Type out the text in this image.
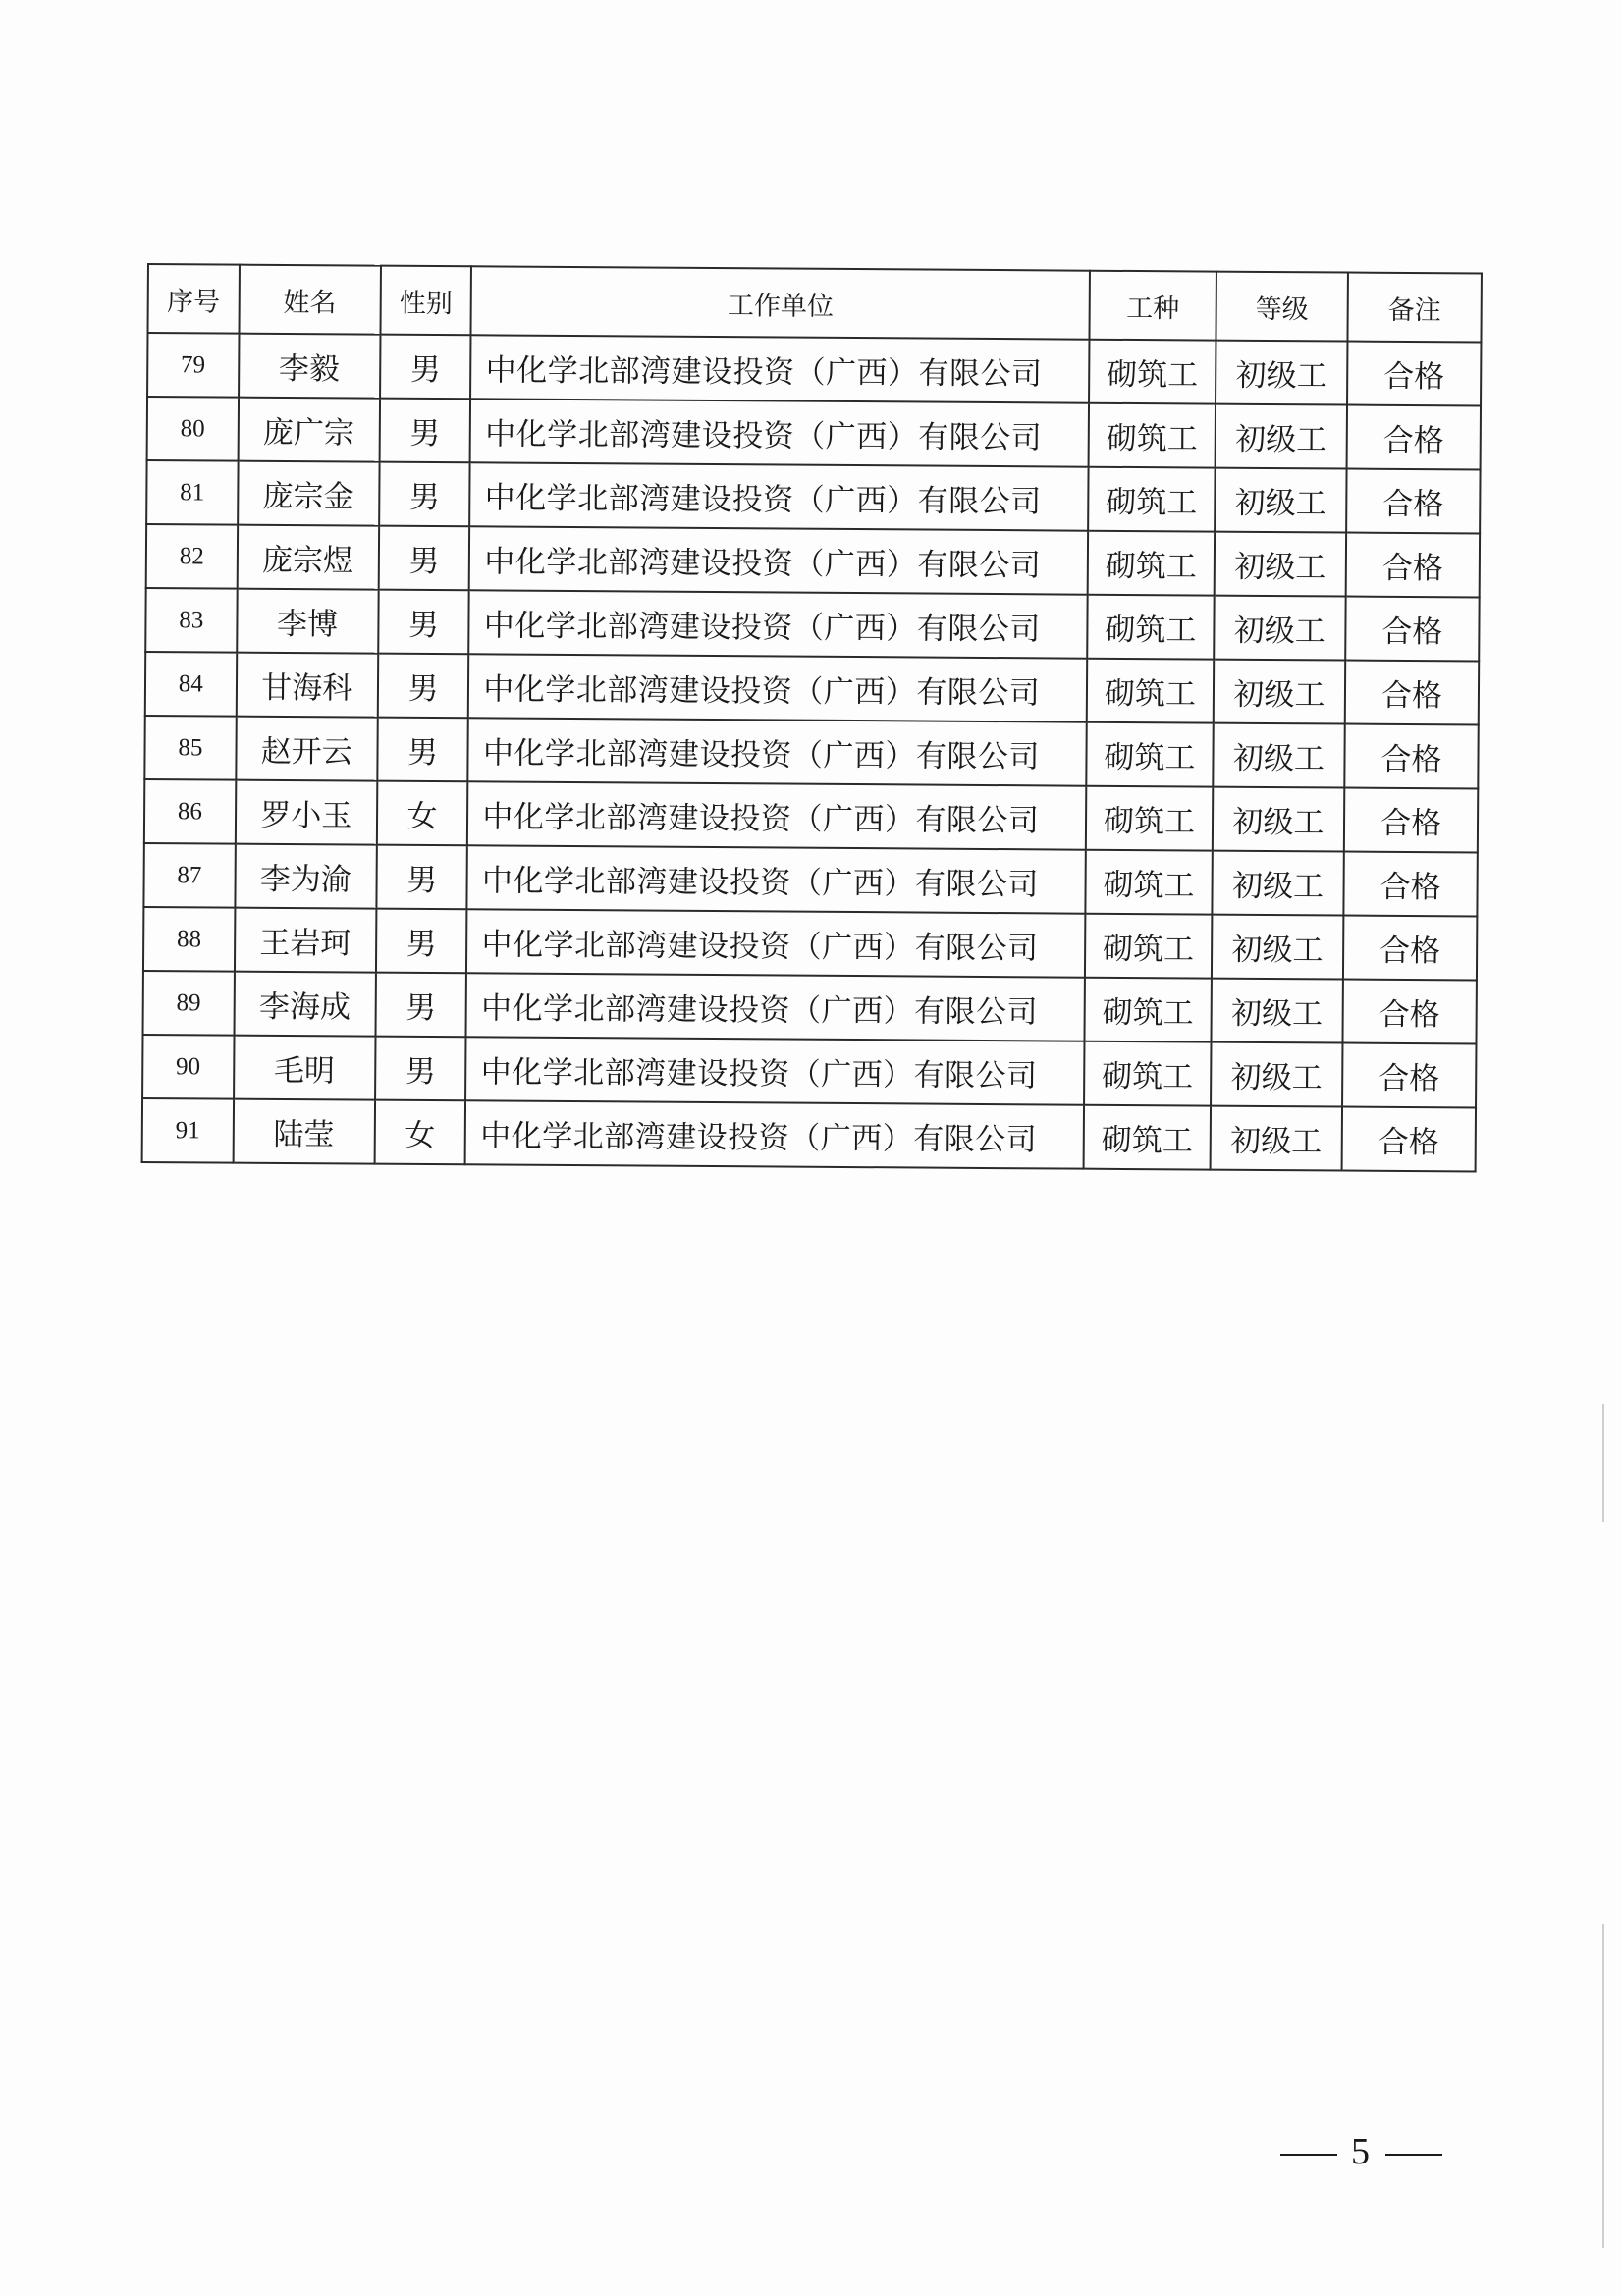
序号	姓名	性别	工作单位	工种	等级	备注
79	李毅	男	中化学北部湾建设投资（广西）有限公司	砌筑工	初级工	合格
80	庞广宗	男	中化学北部湾建设投资（广西）有限公司	砌筑工	初级工	合格
81	庞宗金	男	中化学北部湾建设投资（广西）有限公司	砌筑工	初级工	合格
82	庞宗煜	男	中化学北部湾建设投资（广西）有限公司	砌筑工	初级工	合格
83	李博	男	中化学北部湾建设投资（广西）有限公司	砌筑工	初级工	合格
84	甘海科	男	中化学北部湾建设投资（广西）有限公司	砌筑工	初级工	合格
85	赵开云	男	中化学北部湾建设投资（广西）有限公司	砌筑工	初级工	合格
86	罗小玉	女	中化学北部湾建设投资（广西）有限公司	砌筑工	初级工	合格
87	李为渝	男	中化学北部湾建设投资（广西）有限公司	砌筑工	初级工	合格
88	王岩珂	男	中化学北部湾建设投资（广西）有限公司	砌筑工	初级工	合格
89	李海成	男	中化学北部湾建设投资（广西）有限公司	砌筑工	初级工	合格
90	毛明	男	中化学北部湾建设投资（广西）有限公司	砌筑工	初级工	合格
91	陆莹	女	中化学北部湾建设投资（广西）有限公司	砌筑工	初级工	合格
5
